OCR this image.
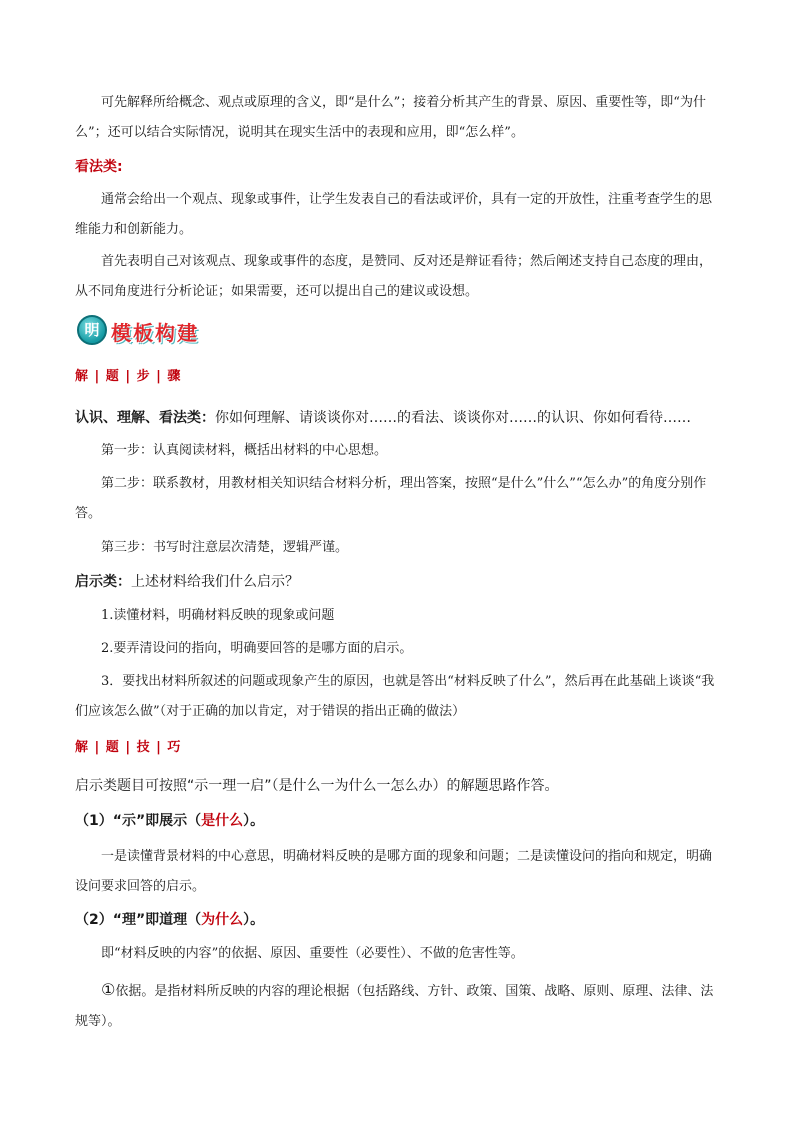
可先解释所给概念、观点或原理的含义，即“是什么”；接着分析其产生的背景、原因、重要性等，即“为什么”；还可以结合实际情况，说明其在现实生活中的表现和应用，即“怎么样”。

看法类:

通常会给出一个观点、现象或事件，让学生发表自己的看法或评价，具有一定的开放性，注重考查学生的思维能力和创新能力。

首先表明自己对该观点、现象或事件的态度，是赞同、反对还是辩证看待；然后阐述支持自己态度的理由，从不同角度进行分析论证；如果需要，还可以提出自己的建议或设想。

明 模板构建
解 | 题 | 步 | 骤
认识、理解、看法类：你如何理解、请谈谈你对……的看法、谈谈你对……的认识、你如何看待……

第一步：认真阅读材料，概括出材料的中心思想。

第二步：联系教材，用教材相关知识结合材料分析，理出答案，按照“是什么”什么”“怎么办”的角度分别作答。

第三步：书写时注意层次清楚，逻辑严谨。

启示类：上述材料给我们什么启示？

1.读懂材料，明确材料反映的现象或问题

2.要弄清设问的指向，明确要回答的是哪方面的启示。

3．要找出材料所叙述的问题或现象产生的原因，也就是答出“材料反映了什么”，然后再在此基础上谈谈“我们应该怎么做”（对于正确的加以肯定，对于错误的指出正确的做法）

解 | 题 | 技 | 巧
启示类题目可按照“示一理一启”（是什么一为什么一怎么办）的解题思路作答。
（1）“示”即展示（是什么）。

一是读懂背景材料的中心意思，明确材料反映的是哪方面的现象和问题；二是读懂设问的指向和规定，明确设问要求回答的启示。

（2）“理”即道理（为什么）。

即“材料反映的内容”的依据、原因、重要性（必要性）、不做的危害性等。

①依据。是指材料所反映的内容的理论根据（包括路线、方针、政策、国策、战略、原则、原理、法律、法规等）。
